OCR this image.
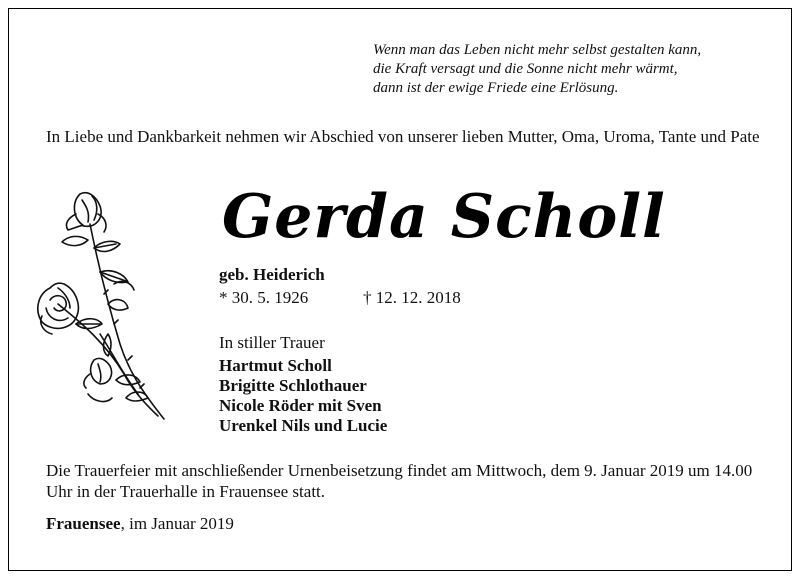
Wenn man das Leben nicht mehr selbst gestalten kann,
die Kraft versagt und die Sonne nicht mehr wärmt,
dann ist der ewige Friede eine Erlösung.
In Liebe und Dankbarkeit nehmen wir Abschied von unserer lieben Mutter, Oma, Uroma, Tante und Pate
Gerda Scholl
geb. Heiderich
* 30. 5. 1926	† 12. 12. 2018
In stiller Trauer
Hartmut Scholl
Brigitte Schlothauer
Nicole Röder mit Sven
Urenkel Nils und Lucie
Die Trauerfeier mit anschließender Urnenbeisetzung findet am Mittwoch, dem 9. Januar 2019 um 14.00 Uhr in der Trauerhalle in Frauensee statt.
Frauensee, im Januar 2019
